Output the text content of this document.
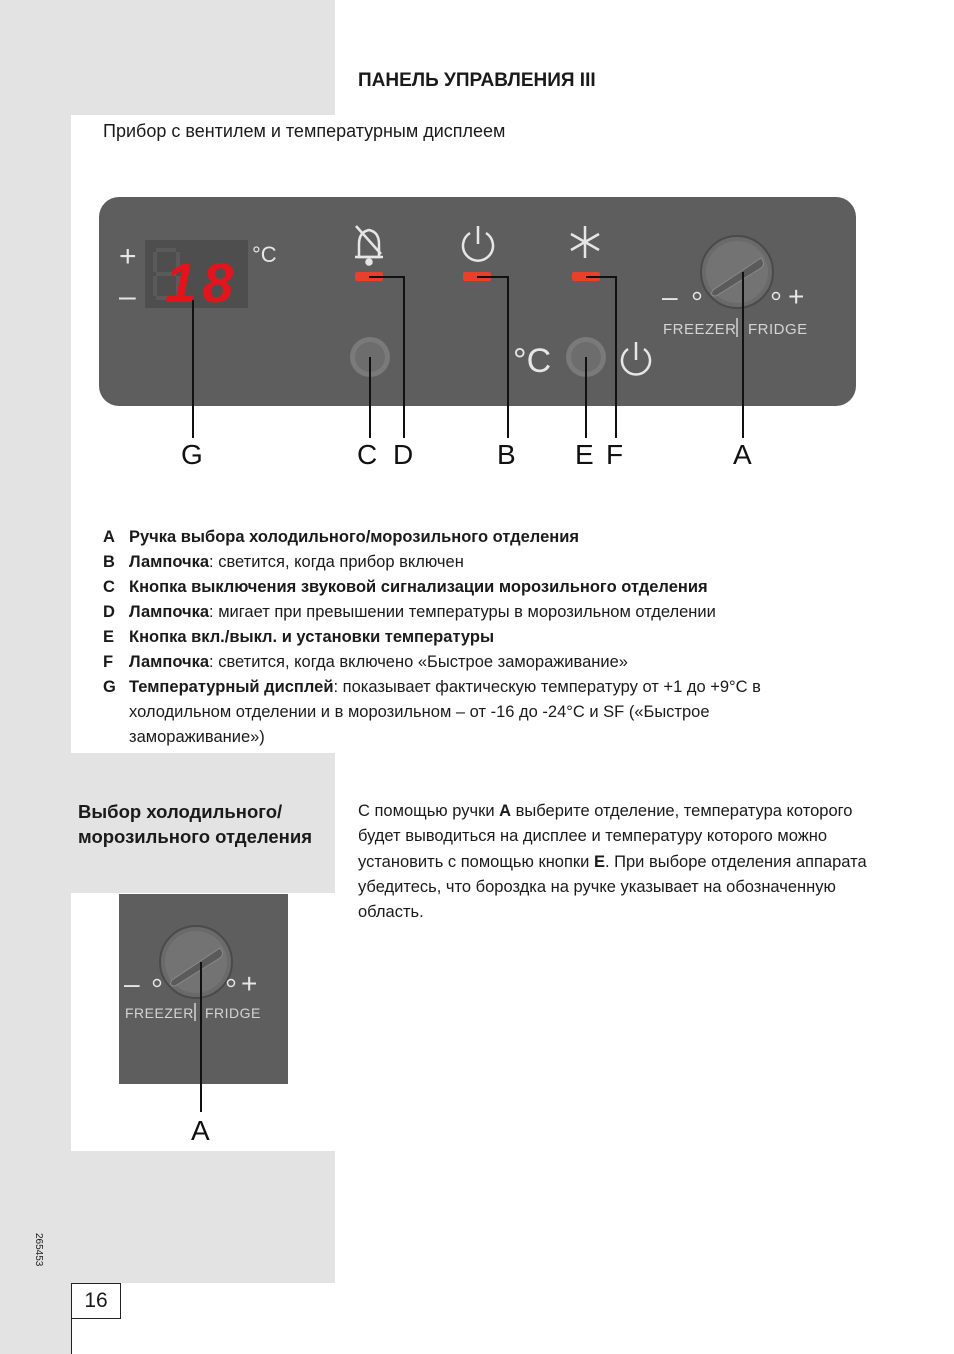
ПАНЕЛЬ УПРАВЛЕНИЯ III
Прибор с вентилем и температурным дисплеем
+
– 18 °C
°C
–	+
FREEZER FRIDGE
G	C D	B E F	A
A Ручка выбора холодильного/морозильного отделения
B Лампочка: светится, когда прибор включен
C Кнопка выключения звуковой сигнализации морозильного отделения
D Лампочка: мигает при превышении температуры в морозильном отделении
E Кнопка вкл./выкл. и установки температуры
F Лампочка: светится, когда включено «Быстрое замораживание»
G Температурный дисплей: показывает фактическую температуру от +1 до +9°C в холодильном отделении и в морозильном – от -16 до -24°C и SF («Быстрое замораживание»)
Выбор холодильного/ морозильного отделения
С помощью ручки A выберите отделение, температура которого будет выводиться на дисплее и температуру которого можно установить с помощью кнопки E. При выборе отделения аппарата убедитесь, что бороздка на ручке указывает на обозначенную область.
–	+
FREEZER FRIDGE
A
265453
16
